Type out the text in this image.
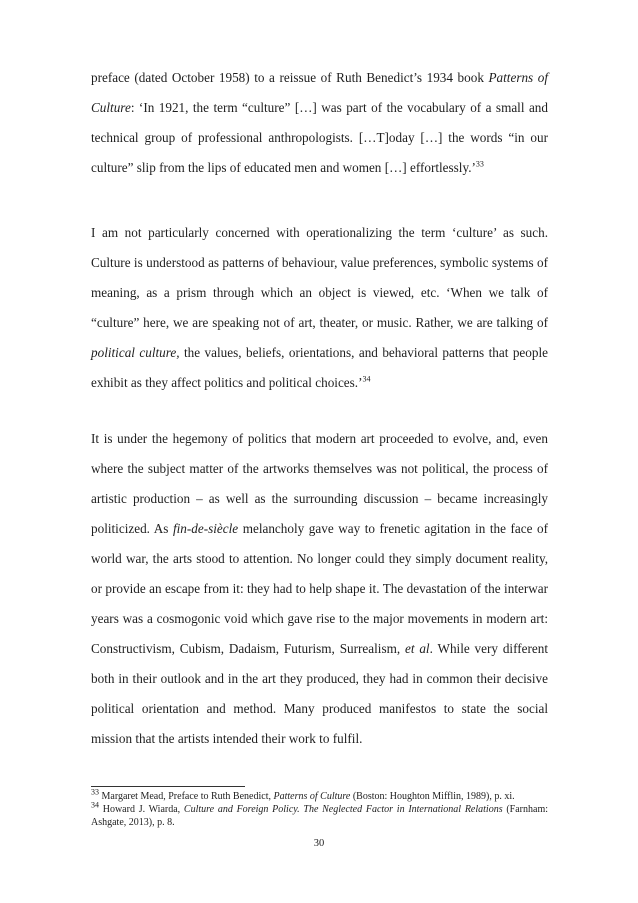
preface (dated October 1958) to a reissue of Ruth Benedict’s 1934 book Patterns of Culture: ‘In 1921, the term “culture” […] was part of the vocabulary of a small and technical group of professional anthropologists. […T]oday […] the words “in our culture” slip from the lips of educated men and women […] effortlessly.’$^{33}$

I am not particularly concerned with operationalizing the term ‘culture’ as such. Culture is understood as patterns of behaviour, value preferences, symbolic systems of meaning, as a prism through which an object is viewed, etc. ‘When we talk of “culture” here, we are speaking not of art, theater, or music. Rather, we are talking of political culture, the values, beliefs, orientations, and behavioral patterns that people exhibit as they affect politics and political choices.’$^{34}$

It is under the hegemony of politics that modern art proceeded to evolve, and, even where the subject matter of the artworks themselves was not political, the process of artistic production – as well as the surrounding discussion – became increasingly politicized. As fin-de-siècle melancholy gave way to frenetic agitation in the face of world war, the arts stood to attention. No longer could they simply document reality, or provide an escape from it: they had to help shape it. The devastation of the interwar years was a cosmogonic void which gave rise to the major movements in modern art: Constructivism, Cubism, Dadaism, Futurism, Surrealism, et al. While very different both in their outlook and in the art they produced, they had in common their decisive political orientation and method. Many produced manifestos to state the social mission that the artists intended their work to fulfil.

$^{33}$ Margaret Mead, Preface to Ruth Benedict, Patterns of Culture (Boston: Houghton Mifflin, 1989), p. xi.

$^{34}$ Howard J. Wiarda, Culture and Foreign Policy. The Neglected Factor in International Relations (Farnham: Ashgate, 2013), p. 8.

30
